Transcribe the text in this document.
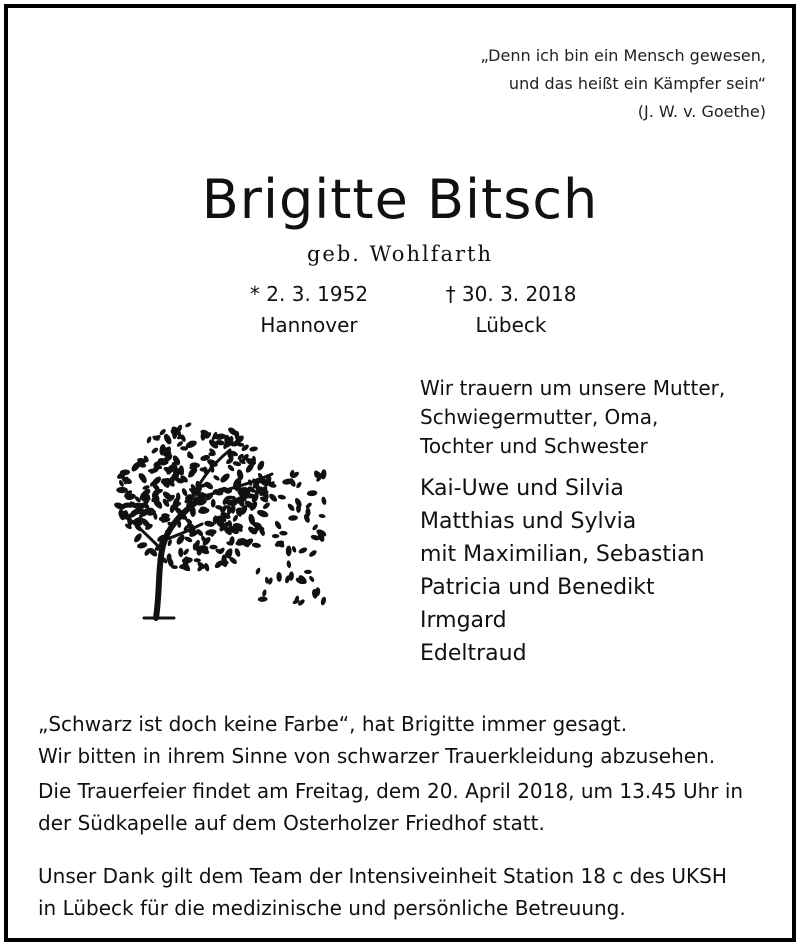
„Denn ich bin ein Mensch gewesen,
und das heißt ein Kämpfer sein“
(J. W. v. Goethe)
Brigitte Bitsch
geb. Wohlfarth
* 2. 3. 1952
Hannover
† 30. 3. 2018
Lübeck
Wir trauern um unsere Mutter,
Schwiegermutter, Oma,
Tochter und Schwester
Kai-Uwe und Silvia
Matthias und Sylvia
mit Maximilian, Sebastian
Patricia und Benedikt
Irmgard
Edeltraud
„Schwarz ist doch keine Farbe“, hat Brigitte immer gesagt.
Wir bitten in ihrem Sinne von schwarzer Trauerkleidung abzusehen.
Die Trauerfeier findet am Freitag, dem 20. April 2018, um 13.45 Uhr in
der Südkapelle auf dem Osterholzer Friedhof statt.
Unser Dank gilt dem Team der Intensiveinheit Station 18 c des UKSH
in Lübeck für die medizinische und persönliche Betreuung.
